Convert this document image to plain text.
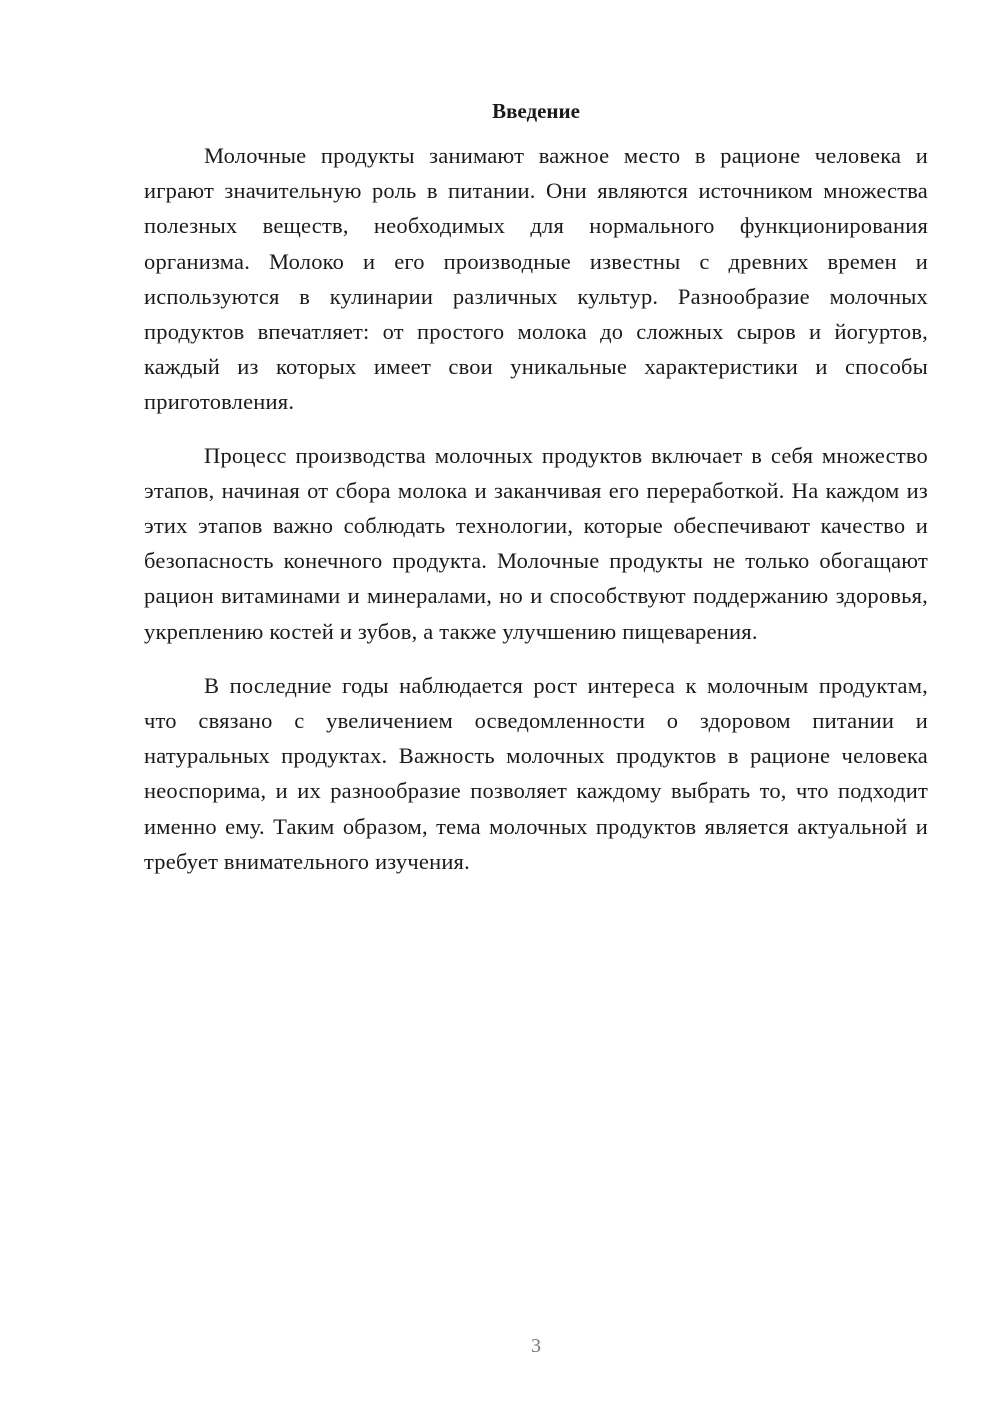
Введение

Молочные продукты занимают важное место в рационе человека и играют значительную роль в питании. Они являются источником множества полезных веществ, необходимых для нормального функционирования организма. Молоко и его производные известны с древних времен и используются в кулинарии различных культур. Разнообразие молочных продуктов впечатляет: от простого молока до сложных сыров и йогуртов, каждый из которых имеет свои уникальные характеристики и способы приготовления.

Процесс производства молочных продуктов включает в себя множество этапов, начиная от сбора молока и заканчивая его переработкой. На каждом из этих этапов важно соблюдать технологии, которые обеспечивают качество и безопасность конечного продукта. Молочные продукты не только обогащают рацион витаминами и минералами, но и способствуют поддержанию здоровья, укреплению костей и зубов, а также улучшению пищеварения.

В последние годы наблюдается рост интереса к молочным продуктам, что связано с увеличением осведомленности о здоровом питании и натуральных продуктах. Важность молочных продуктов в рационе человека неоспорима, и их разнообразие позволяет каждому выбрать то, что подходит именно ему. Таким образом, тема молочных продуктов является актуальной и требует внимательного изучения.

3
